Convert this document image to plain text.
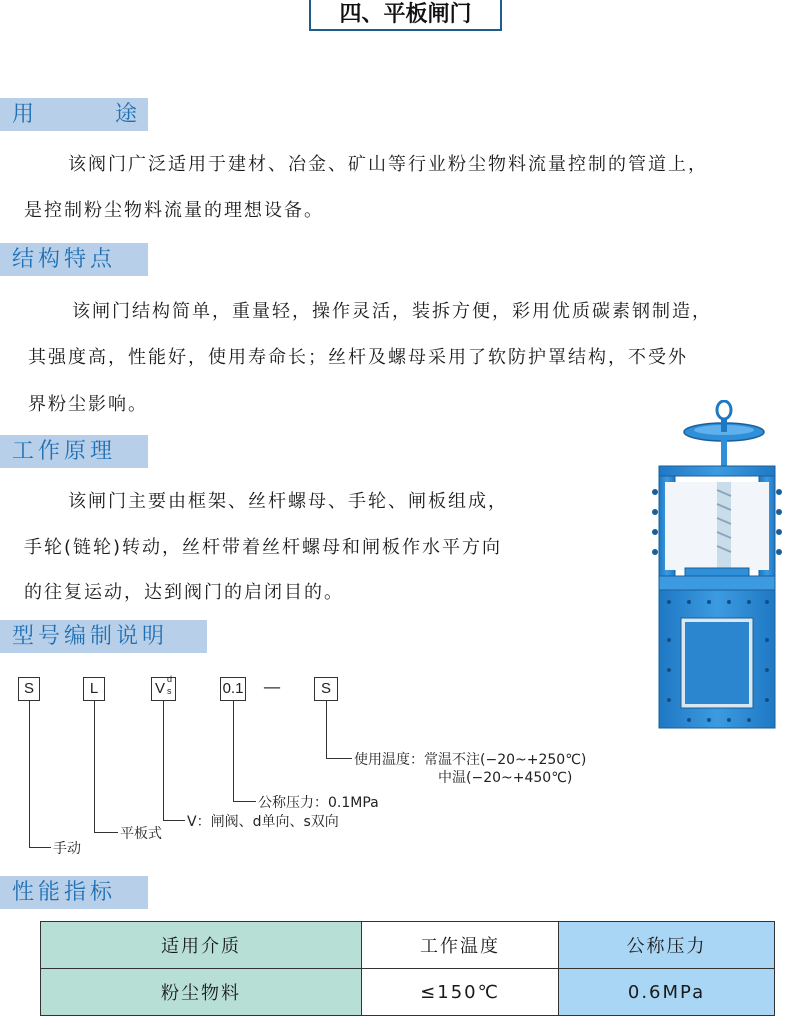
四、平板闸门
用       途
该阀门广泛适用于建材、冶金、矿山等行业粉尘物料流量控制的管道上，
是控制粉尘物料流量的理想设备。
结构特点
该闸门结构简单，重量轻，操作灵活，装拆方便，彩用优质碳素钢制造，
其强度高，性能好，使用寿命长；丝杆及螺母采用了软防护罩结构，不受外
界粉尘影响。
工作原理
该闸门主要由框架、丝杆螺母、手轮、闸板组成，
手轮(链轮)转动，丝杆带着丝杆螺母和闸板作水平方向
的往复运动，达到阀门的启闭目的。
型号编制说明
S	L	V
d
s	0.1 —	S
使用温度：常温不注(−20~+250℃)
中温(−20~+450℃)
公称压力：0.1MPa
V：闸阀、d单向、s双向
平板式
手动
性能指标
适用介质	工作温度	公称压力
粉尘物料	≤150℃	0.6MPa
